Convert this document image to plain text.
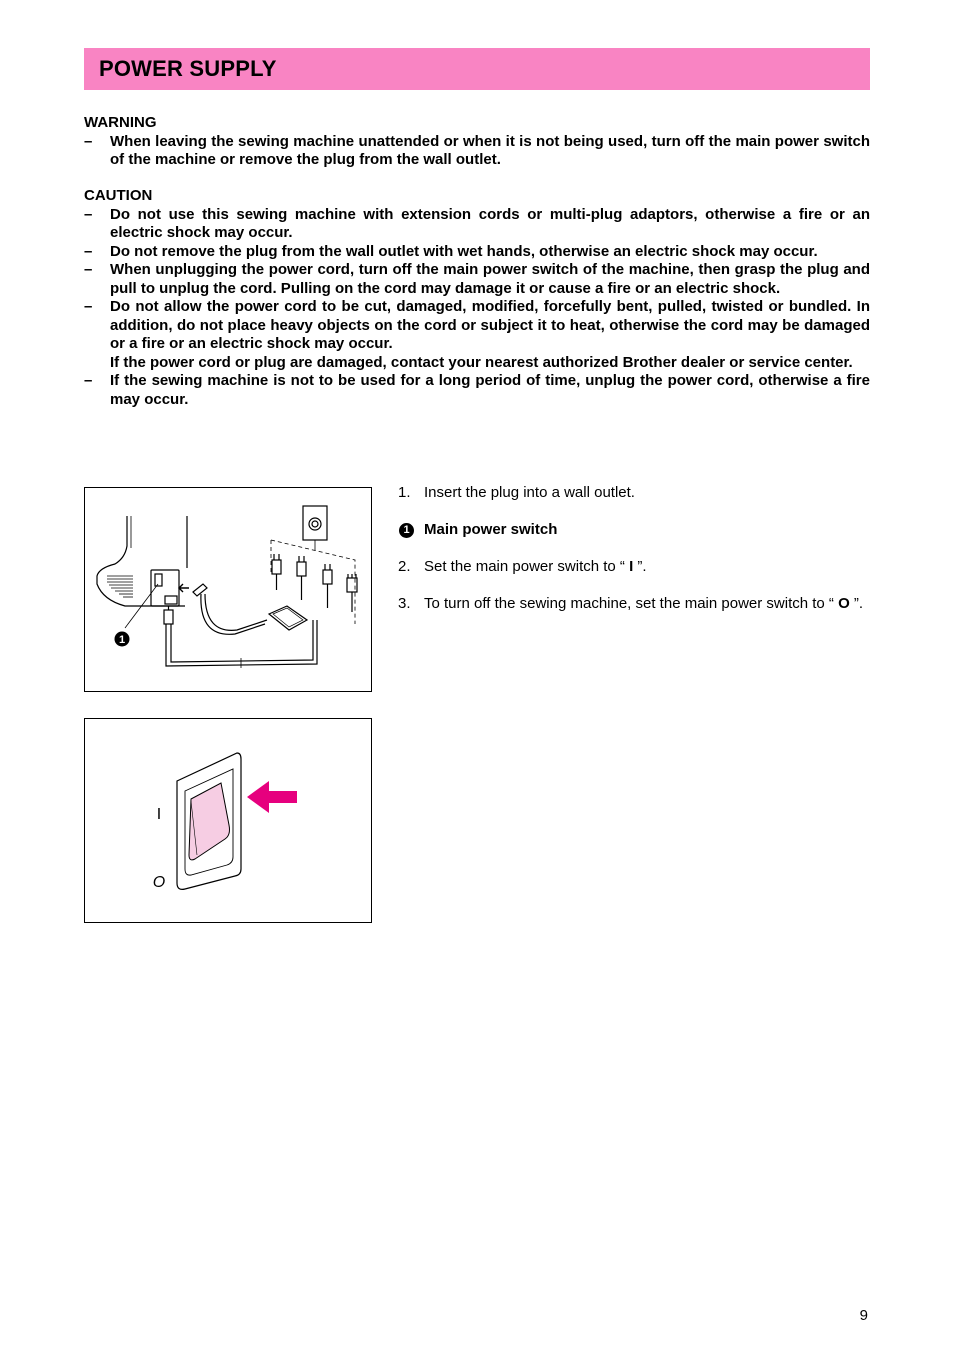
POWER SUPPLY
WARNING
– When leaving the sewing machine unattended or when it is not being used, turn off the main power switch of the machine or remove the plug from the wall outlet.
CAUTION
– Do not use this sewing machine with extension cords or multi-plug adaptors, otherwise a fire or an electric shock may occur.
– Do not remove the plug from the wall outlet with wet hands, otherwise an electric shock may occur.
– When unplugging the power cord, turn off the main power switch of the machine, then grasp the plug and pull to unplug the cord. Pulling on the cord may damage it or cause a fire or an electric shock.
– Do not allow the power cord to be cut, damaged, modified, forcefully bent, pulled, twisted or bundled. In addition, do not place heavy objects on the cord or subject it to heat, otherwise the cord may be damaged or a fire or an electric shock may occur.
If the power cord or plug are damaged, contact your nearest authorized Brother dealer or service center.
– If the sewing machine is not to be used for a long period of time, unplug the power cord, otherwise a fire may occur.
1
I
O
1. Insert the plug into a wall outlet.
1 Main power switch
2. Set the main power switch to “ I ”.
3. To turn off the sewing machine, set the main power switch to “ O ”.
9
